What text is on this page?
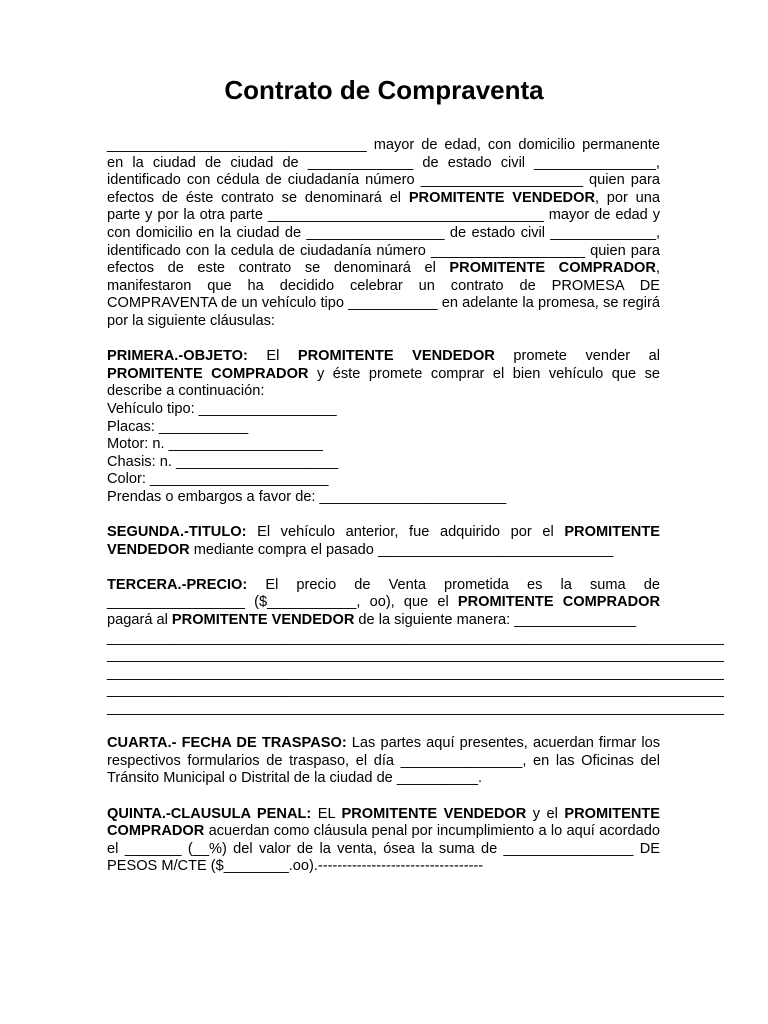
Contrato de Compraventa

________________________________ mayor de edad, con domicilio permanente en la ciudad de ciudad de _____________ de estado civil _______________, identificado con cédula de ciudadanía número ____________________ quien para efectos de éste contrato se denominará el PROMITENTE VENDEDOR, por una parte y por la otra parte __________________________________ mayor de edad y con domicilio en la ciudad de _________________ de estado civil _____________, identificado con la cedula de ciudadanía número ___________________ quien para efectos de este contrato se denominará el PROMITENTE COMPRADOR, manifestaron que ha decidido celebrar un contrato de PROMESA DE COMPRAVENTA de un vehículo tipo ___________ en adelante la promesa, se regirá por la siguiente cláusulas:

PRIMERA.-OBJETO: El PROMITENTE VENDEDOR promete vender al PROMITENTE COMPRADOR y éste promete comprar el bien vehículo que se describe a continuación:

Vehículo tipo: _________________

Placas: ___________

Motor: n. ___________________

Chasis: n. ____________________

Color: ______________________

Prendas o embargos a favor de: _______________________

SEGUNDA.-TITULO: El vehículo anterior, fue adquirido por el PROMITENTE VENDEDOR mediante compra el pasado _____________________________

TERCERA.-PRECIO: El precio de Venta prometida es la suma de _________________ ($___________, oo), que el PROMITENTE COMPRADOR pagará al PROMITENTE VENDEDOR de la siguiente manera: _______________

____________________________________________________________________________

____________________________________________________________________________

____________________________________________________________________________

____________________________________________________________________________

____________________________________________________________________________

CUARTA.- FECHA DE TRASPASO: Las partes aquí presentes, acuerdan firmar los respectivos formularios de traspaso, el día _______________, en las Oficinas del Tránsito Municipal o Distrital de la ciudad de __________.

QUINTA.-CLAUSULA PENAL: EL PROMITENTE VENDEDOR y el PROMITENTE COMPRADOR acuerdan como cláusula penal por incumplimiento a lo aquí acordado el _______ (__%) del valor de la venta, ósea la suma de ________________ DE PESOS M/CTE ($________.oo).----------------------------------
